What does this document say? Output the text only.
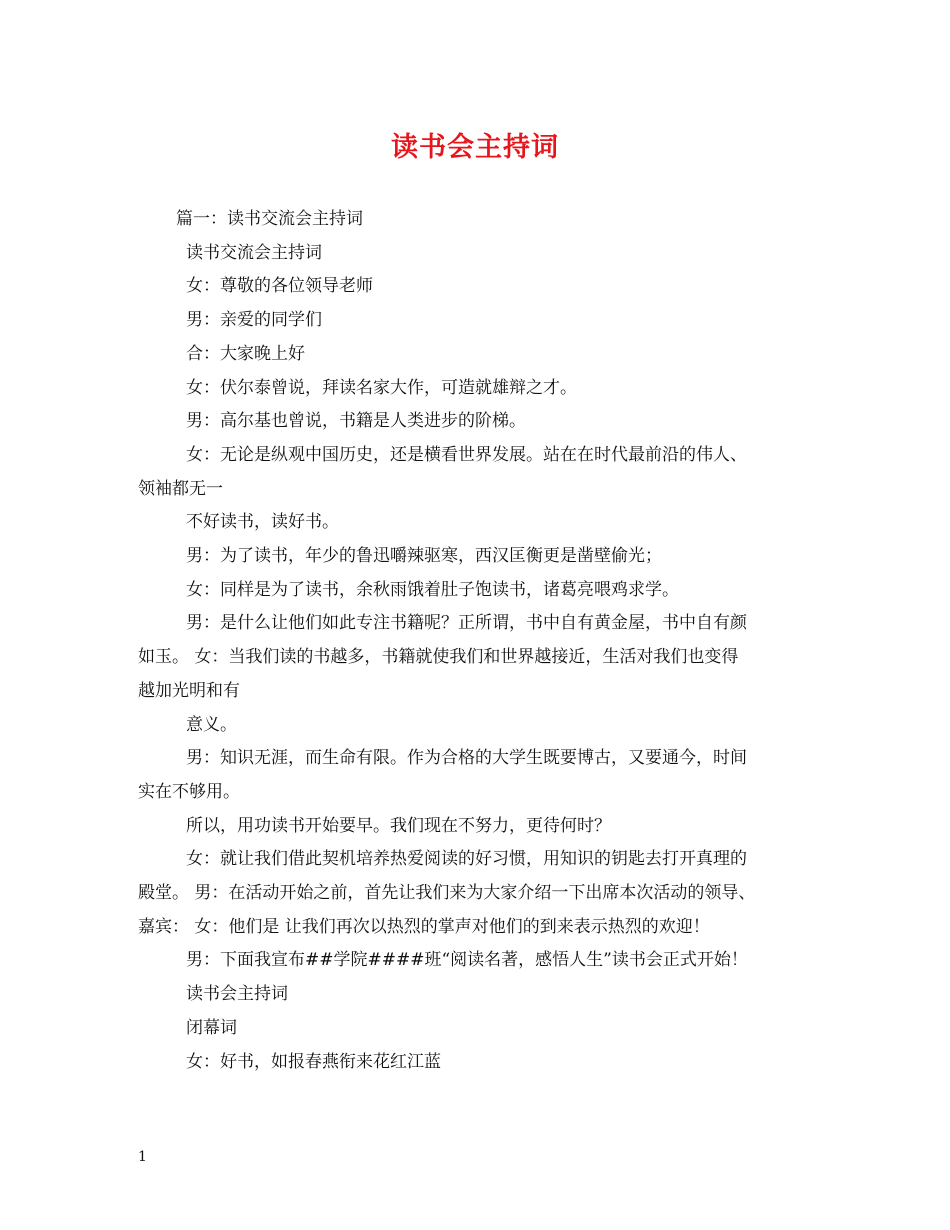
读书会主持词
篇一：读书交流会主持词
读书交流会主持词
女：尊敬的各位领导老师
男：亲爱的同学们
合：大家晚上好
女：伏尔泰曾说，拜读名家大作，可造就雄辩之才。
男：高尔基也曾说，书籍是人类进步的阶梯。
女：无论是纵观中国历史，还是横看世界发展。站在在时代最前沿的伟人、
领袖都无一
不好读书，读好书。
男：为了读书，年少的鲁迅嚼辣驱寒，西汉匡衡更是凿壁偷光；
女：同样是为了读书，余秋雨饿着肚子饱读书，诸葛亮喂鸡求学。
男：是什么让他们如此专注书籍呢？正所谓，书中自有黄金屋，书中自有颜
如玉。 女：当我们读的书越多，书籍就使我们和世界越接近，生活对我们也变得
越加光明和有
意义。
男：知识无涯，而生命有限。作为合格的大学生既要博古，又要通今，时间
实在不够用。
所以，用功读书开始要早。我们现在不努力，更待何时？
女：就让我们借此契机培养热爱阅读的好习惯，用知识的钥匙去打开真理的
殿堂。 男：在活动开始之前，首先让我们来为大家介绍一下出席本次活动的领导、
嘉宾： 女：他们是 让我们再次以热烈的掌声对他们的到来表示热烈的欢迎！
男：下面我宣布##学院####班“阅读名著，感悟人生”读书会正式开始！
读书会主持词
闭幕词
女：好书，如报春燕衔来花红江蓝
1
